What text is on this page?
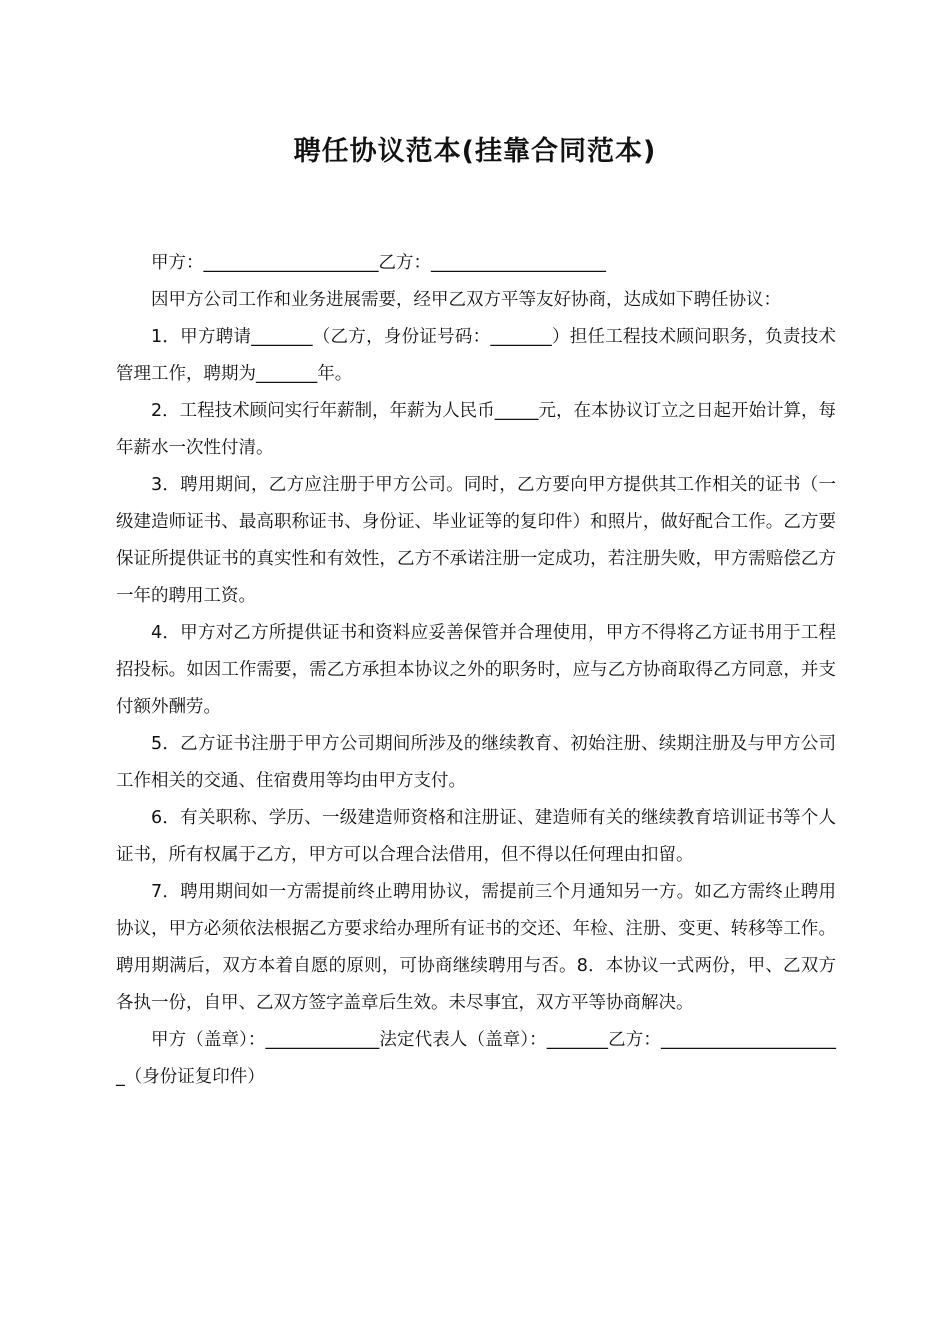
聘任协议范本(挂靠合同范本)

甲方：____________________乙方：____________________

因甲方公司工作和业务进展需要，经甲乙双方平等友好协商，达成如下聘任协议：

1．甲方聘请_______（乙方，身份证号码：_______）担任工程技术顾问职务，负责技术管理工作，聘期为_______年。

2．工程技术顾问实行年薪制，年薪为人民币_____元，在本协议订立之日起开始计算，每年薪水一次性付清。

3．聘用期间，乙方应注册于甲方公司。同时，乙方要向甲方提供其工作相关的证书（一级建造师证书、最高职称证书、身份证、毕业证等的复印件）和照片，做好配合工作。乙方要保证所提供证书的真实性和有效性，乙方不承诺注册一定成功，若注册失败，甲方需赔偿乙方一年的聘用工资。

4．甲方对乙方所提供证书和资料应妥善保管并合理使用，甲方不得将乙方证书用于工程招投标。如因工作需要，需乙方承担本协议之外的职务时，应与乙方协商取得乙方同意，并支付额外酬劳。

5．乙方证书注册于甲方公司期间所涉及的继续教育、初始注册、续期注册及与甲方公司工作相关的交通、住宿费用等均由甲方支付。

6．有关职称、学历、一级建造师资格和注册证、建造师有关的继续教育培训证书等个人证书，所有权属于乙方，甲方可以合理合法借用，但不得以任何理由扣留。

7．聘用期间如一方需提前终止聘用协议，需提前三个月通知另一方。如乙方需终止聘用协议，甲方必须依法根据乙方要求给办理所有证书的交还、年检、注册、变更、转移等工作。聘用期满后，双方本着自愿的原则，可协商继续聘用与否。8．本协议一式两份，甲、乙双方各执一份，自甲、乙双方签字盖章后生效。未尽事宜，双方平等协商解决。

甲方（盖章）：_____________法定代表人（盖章）：_______乙方：_____________________（身份证复印件）
